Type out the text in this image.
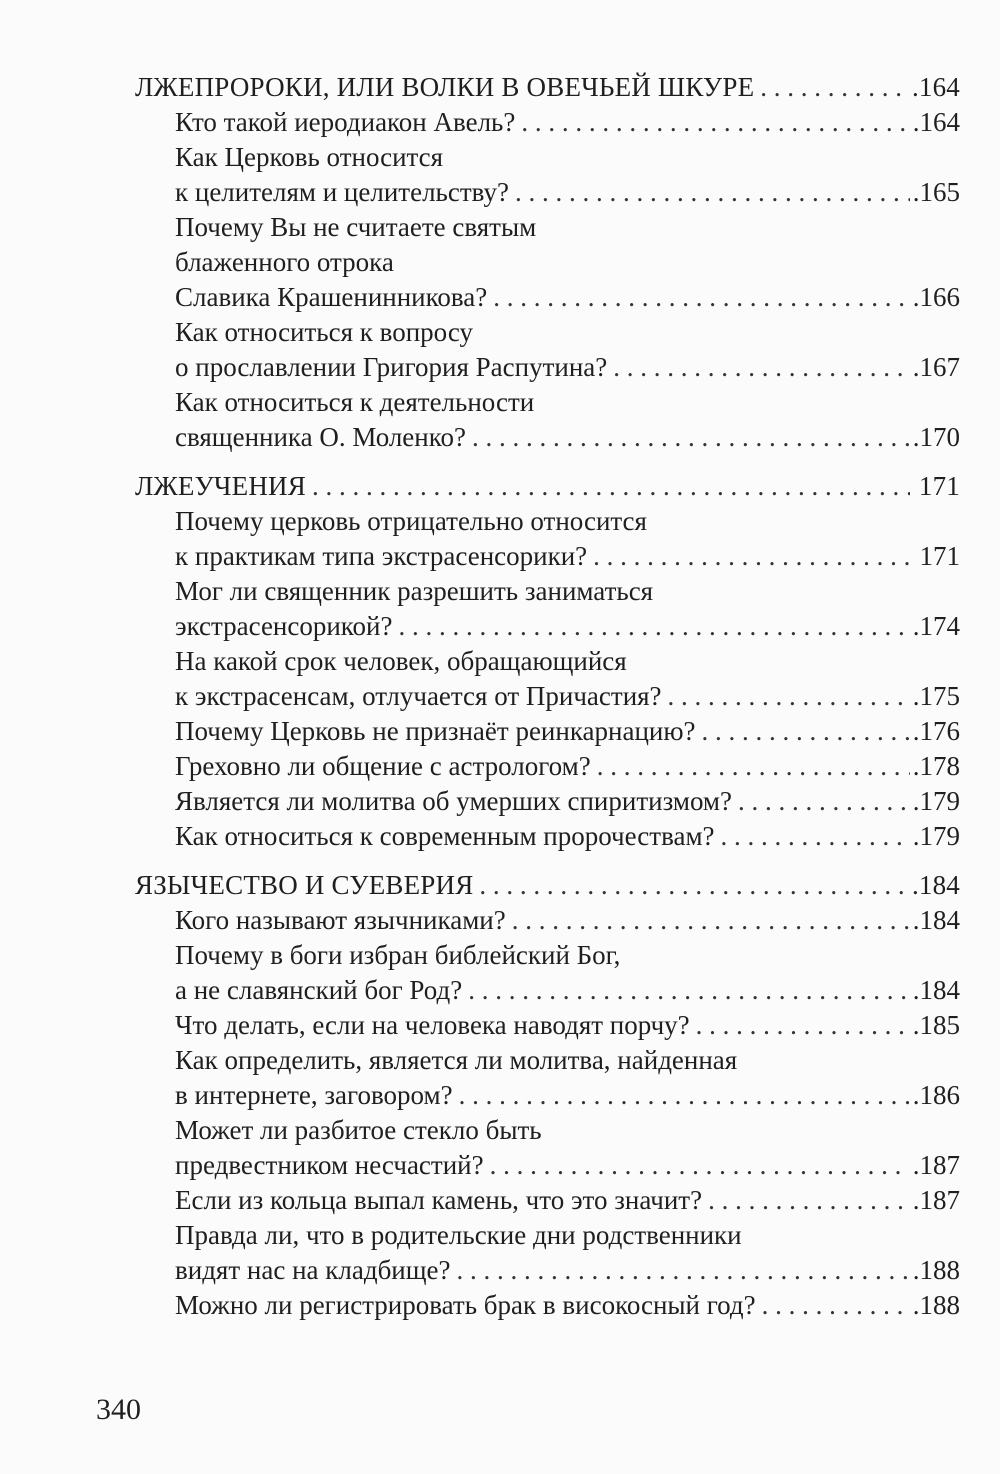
ЛЖЕПРОРОКИ, ИЛИ ВОЛКИ В ОВЕЧЬЕЙ ШКУРЕ . . .	.164
Кто такой иеродиакон Авель? . . .	.164
Как Церковь относится
к целителям и целительству? . . .	.165
Почему Вы не считаете святым
блаженного отрока
Славика Крашенинникова? . . .	.166
Как относиться к вопросу
о прославлении Григория Распутина? . . .	.167
Как относиться к деятельности
священника О. Моленко? . . .	.170
ЛЖЕУЧЕНИЯ . . .	171
Почему церковь отрицательно относится
к практикам типа экстрасенсорики? . . .	171
Мог ли священник разрешить заниматься
экстрасенсорикой? . . .	.174
На какой срок человек, обращающийся
к экстрасенсам, отлучается от Причастия? . . .	.175
Почему Церковь не признаёт реинкарнацию? . . .	.176
Греховно ли общение с астрологом? . . .	.178
Является ли молитва об умерших спиритизмом? . . .	.179
Как относиться к современным пророчествам? . . .	.179
ЯЗЫЧЕСТВО И СУЕВЕРИЯ . . .	.184
Кого называют язычниками? . . .	.184
Почему в боги избран библейский Бог,
а не славянский бог Род? . . .	.184
Что делать, если на человека наводят порчу? . . .	.185
Как определить, является ли молитва, найденная
в интернете, заговором? . . .	.186
Может ли разбитое стекло быть
предвестником несчастий? . . .	.187
Если из кольца выпал камень, что это значит? . . .	.187
Правда ли, что в родительские дни родственники
видят нас на кладбище? . . .	.188
Можно ли регистрировать брак в високосный год? . . .	.188
340
